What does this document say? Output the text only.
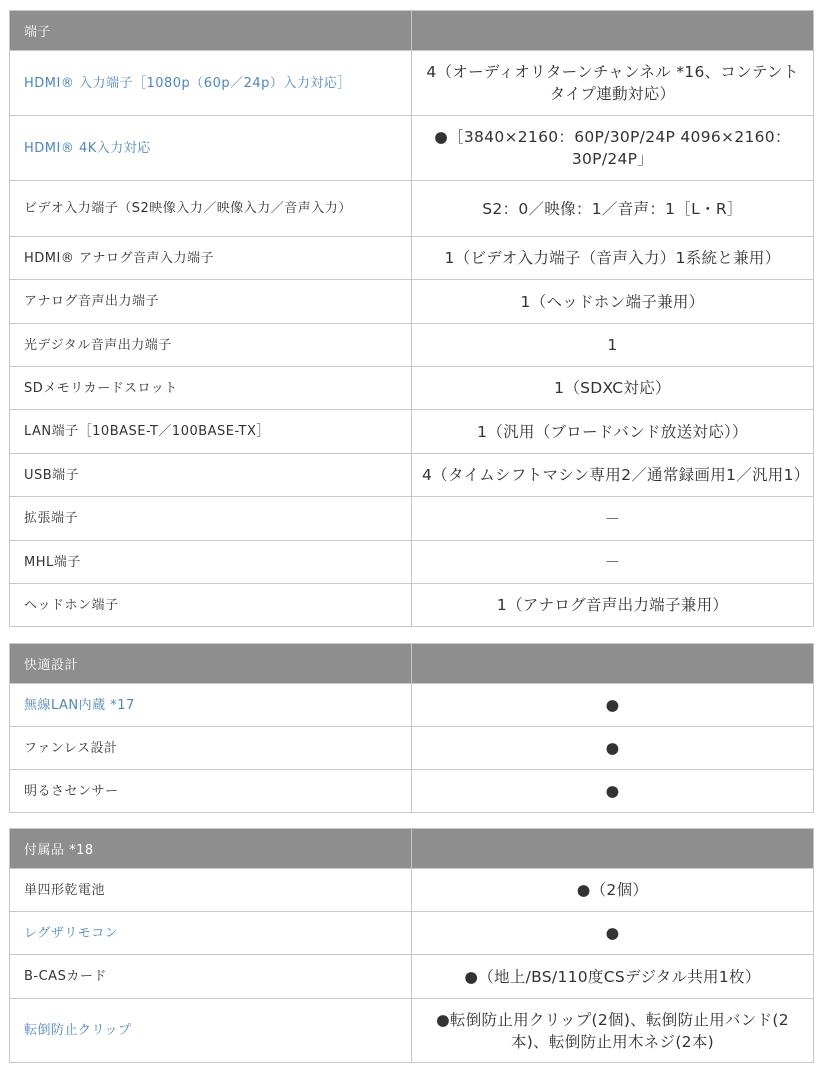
端子	
HDMI® 入力端子［1080p（60p／24p）入力対応］	4（オーディオリターンチャンネル *16、コンテントタイプ連動対応）
HDMI® 4K入力対応	●［3840×2160：60P/30P/24P 4096×2160：30P/24P」
ビデオ入力端子（S2映像入力／映像入力／音声入力）	S2：0／映像：1／音声：1［L・R］
HDMI® アナログ音声入力端子	1（ビデオ入力端子（音声入力）1系統と兼用）
アナログ音声出力端子	1（ヘッドホン端子兼用）
光デジタル音声出力端子	1
SDメモリカードスロット	1（SDXC対応）
LAN端子［10BASE-T／100BASE-TX］	1（汎用（ブロードバンド放送対応））
USB端子	4（タイムシフトマシン専用2／通常録画用1／汎用1）
拡張端子	－
MHL端子	－
ヘッドホン端子	1（アナログ音声出力端子兼用）
快適設計	
無線LAN内蔵 *17	●
ファンレス設計	●
明るさセンサー	●
付属品 *18	
単四形乾電池	●（2個）
レグザリモコン	●
B-CASカード	●（地上/BS/110度CSデジタル共用1枚）
転倒防止クリップ	●転倒防止用クリップ(2個)、転倒防止用バンド(2本)、転倒防止用木ネジ(2本)
